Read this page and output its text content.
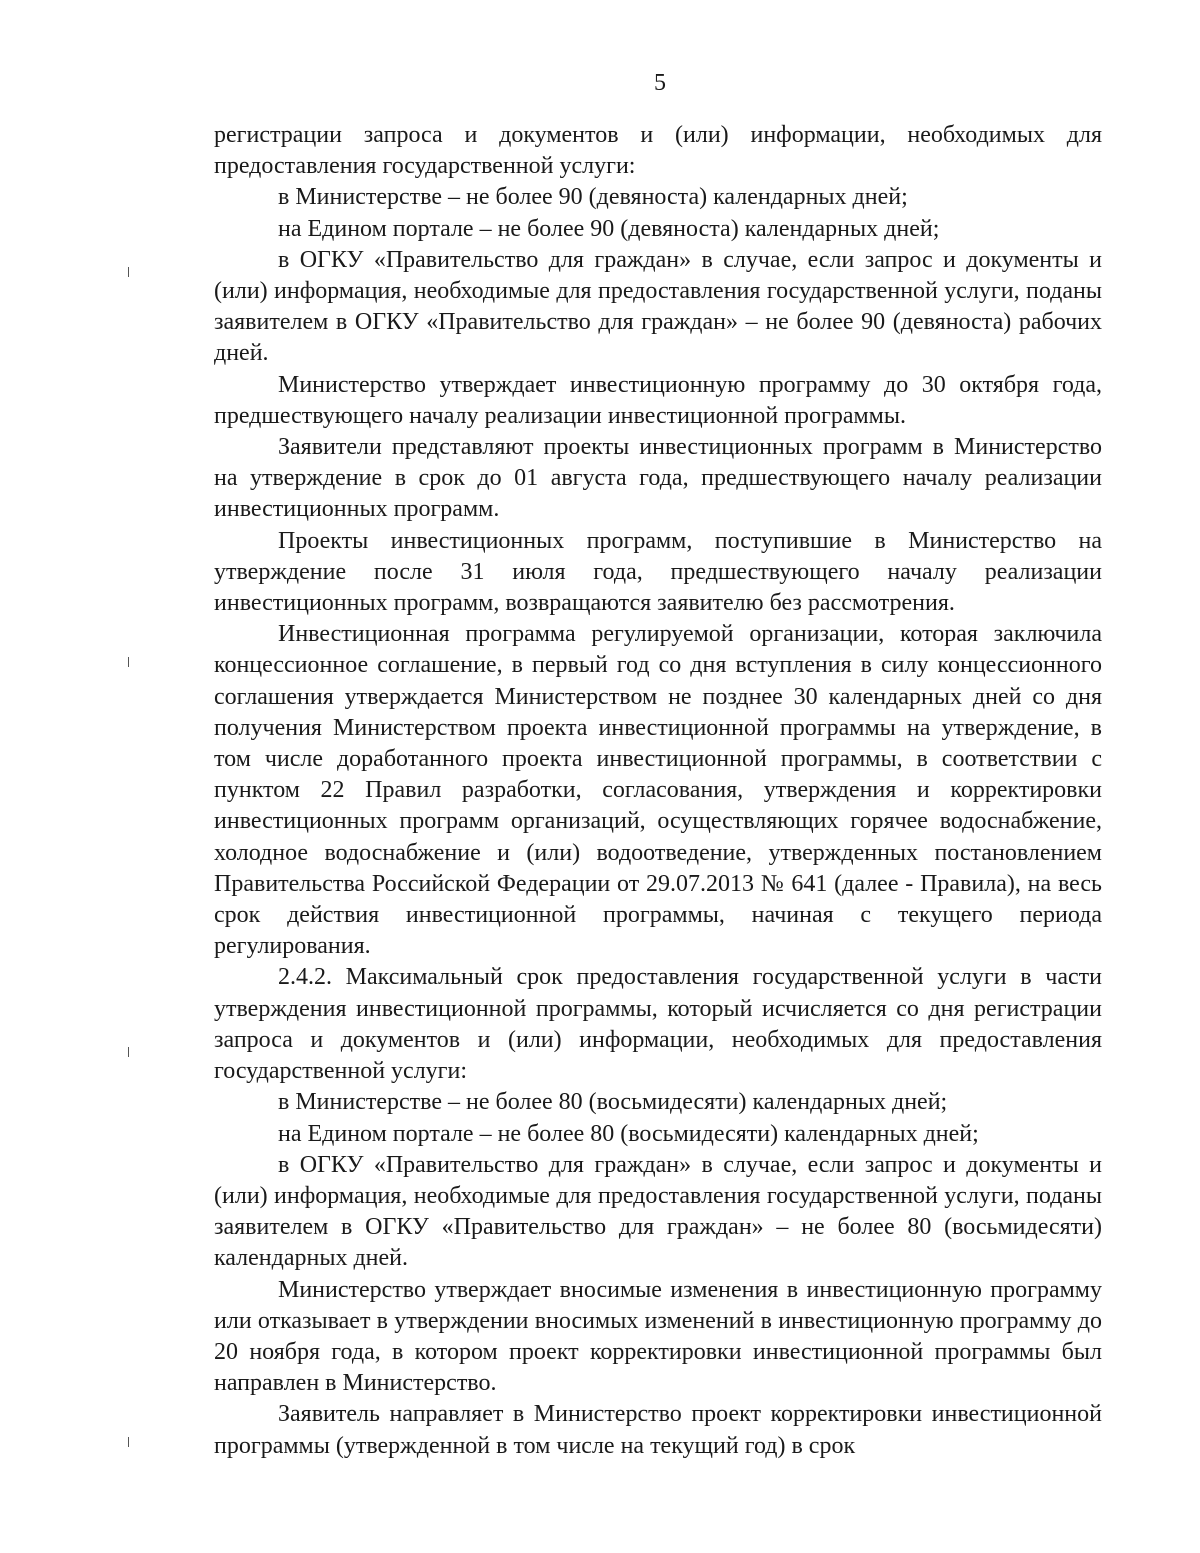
5

регистрации запроса и документов и (или) информации, необходимых для предоставления государственной услуги:

в Министерстве – не более 90 (девяноста) календарных дней;

на Едином портале – не более 90 (девяноста) календарных дней;

в ОГКУ «Правительство для граждан» в случае, если запрос и документы и (или) информация, необходимые для предоставления государственной услуги, поданы заявителем в ОГКУ «Правительство для граждан» – не более 90 (девяноста) рабочих дней.

Министерство утверждает инвестиционную программу до 30 октября года, предшествующего началу реализации инвестиционной программы.

Заявители представляют проекты инвестиционных программ в Министерство на утверждение в срок до 01 августа года, предшествующего началу реализации инвестиционных программ.

Проекты инвестиционных программ, поступившие в Министерство на утверждение после 31 июля года, предшествующего началу реализации инвестиционных программ, возвращаются заявителю без рассмотрения.

Инвестиционная программа регулируемой организации, которая заключила концессионное соглашение, в первый год со дня вступления в силу концессионного соглашения утверждается Министерством не позднее 30 календарных дней со дня получения Министерством проекта инвестиционной программы на утверждение, в том числе доработанного проекта инвестиционной программы, в соответствии с пунктом 22 Правил разработки, согласования, утверждения и корректировки инвестиционных программ организаций, осуществляющих горячее водоснабжение, холодное водоснабжение и (или) водоотведение, утвержденных постановлением Правительства Российской Федерации от 29.07.2013 № 641 (далее - Правила), на весь срок действия инвестиционной программы, начиная с текущего периода регулирования.

2.4.2. Максимальный срок предоставления государственной услуги в части утверждения инвестиционной программы, который исчисляется со дня регистрации запроса и документов и (или) информации, необходимых для предоставления государственной услуги:

в Министерстве – не более 80 (восьмидесяти) календарных дней;

на Едином портале – не более 80 (восьмидесяти) календарных дней;

в ОГКУ «Правительство для граждан» в случае, если запрос и документы и (или) информация, необходимые для предоставления государственной услуги, поданы заявителем в ОГКУ «Правительство для граждан» – не более 80 (восьмидесяти) календарных дней.

Министерство утверждает вносимые изменения в инвестиционную программу или отказывает в утверждении вносимых изменений в инвестиционную программу до 20 ноября года, в котором проект корректировки инвестиционной программы был направлен в Министерство.

Заявитель направляет в Министерство проект корректировки инвестиционной программы (утвержденной в том числе на текущий год) в срок
